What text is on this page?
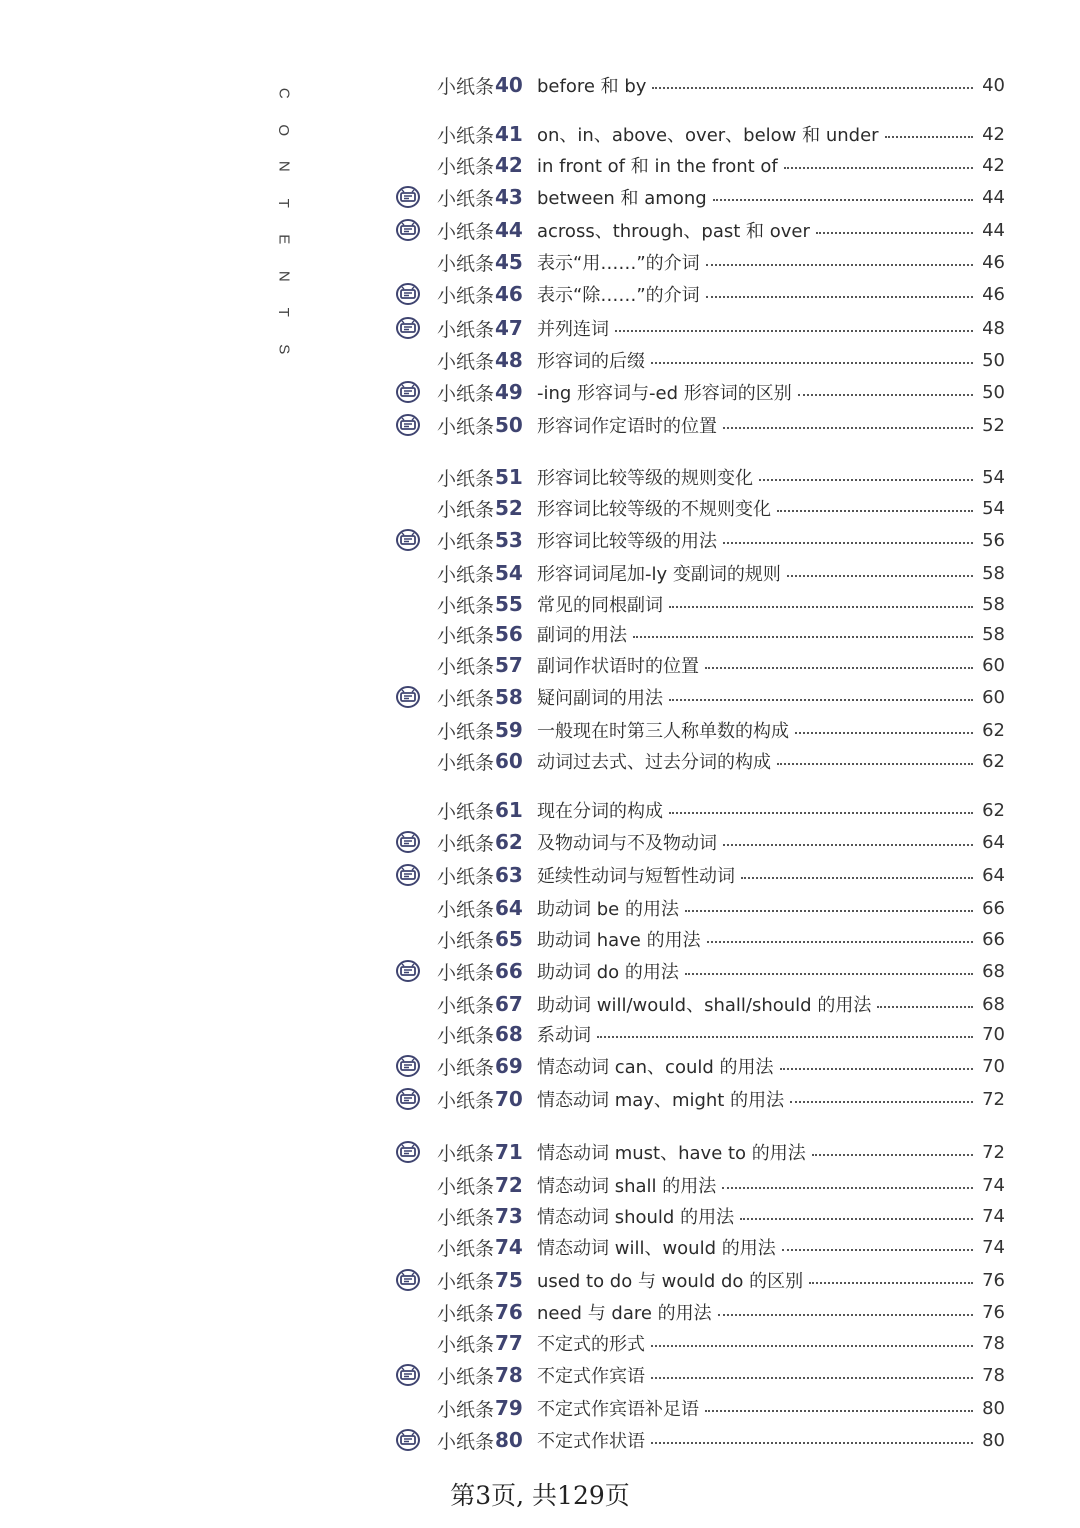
C
O
N
T
E
N
T
S
小纸条 40 before 和 by	40
小纸条 41 on、in、above、over、below 和 under	42
小纸条 42 in front of 和 in the front of	42
小纸条 43 between 和 among	44
小纸条 44 across、through、past 和 over	44
小纸条 45 表示“用……”的介词	46
小纸条 46 表示“除……”的介词	46
小纸条 47 并列连词	48
小纸条 48 形容词的后缀	50
小纸条 49 -ing 形容词与-ed 形容词的区别	50
小纸条 50 形容词作定语时的位置	52
小纸条 51 形容词比较等级的规则变化	54
小纸条 52 形容词比较等级的不规则变化	54
小纸条 53 形容词比较等级的用法	56
小纸条 54 形容词词尾加-ly 变副词的规则	58
小纸条 55 常见的同根副词	58
小纸条 56 副词的用法	58
小纸条 57 副词作状语时的位置	60
小纸条 58 疑问副词的用法	60
小纸条 59 一般现在时第三人称单数的构成	62
小纸条 60 动词过去式、过去分词的构成	62
小纸条 61 现在分词的构成	62
小纸条 62 及物动词与不及物动词	64
小纸条 63 延续性动词与短暂性动词	64
小纸条 64 助动词 be 的用法	66
小纸条 65 助动词 have 的用法	66
小纸条 66 助动词 do 的用法	68
小纸条 67 助动词 will/would、shall/should 的用法	68
小纸条 68 系动词	70
小纸条 69 情态动词 can、could 的用法	70
小纸条 70 情态动词 may、might 的用法	72
小纸条 71 情态动词 must、have to 的用法	72
小纸条 72 情态动词 shall 的用法	74
小纸条 73 情态动词 should 的用法	74
小纸条 74 情态动词 will、would 的用法	74
小纸条 75 used to do 与 would do 的区别	76
小纸条 76 need 与 dare 的用法	76
小纸条 77 不定式的形式	78
小纸条 78 不定式作宾语	78
小纸条 79 不定式作宾语补足语	80
小纸条 80 不定式作状语	80
第3页, 共129页
